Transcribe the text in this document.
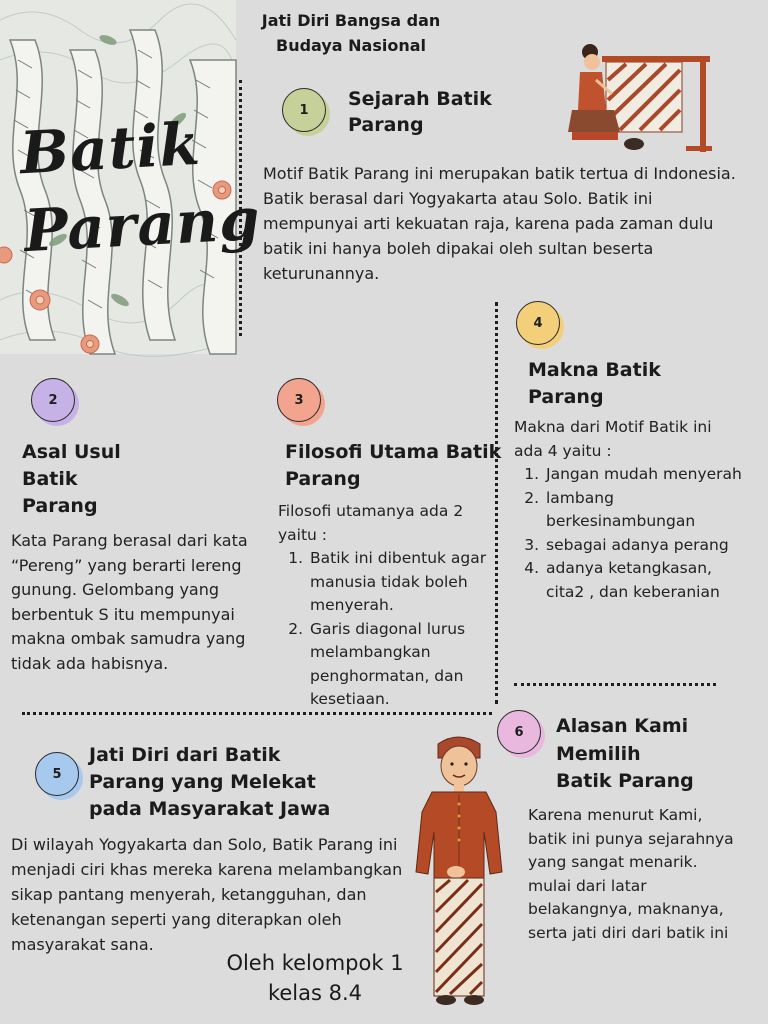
Batik
Parang
Jati Diri Bangsa dan
Budaya Nasional
1	Sejarah Batik
Parang
Motif Batik Parang ini merupakan batik tertua di Indonesia. Batik berasal dari Yogyakarta atau Solo. Batik ini mempunyai arti kekuatan raja, karena pada zaman dulu batik ini hanya boleh dipakai oleh sultan beserta keturunannya.
4
Makna Batik
Parang
Makna dari Motif Batik ini ada 4 yaitu :
1. Jangan mudah menyerah
2. lambang berkesinambungan
3. sebagai adanya perang
4. adanya ketangkasan, cita2 , dan keberanian
2
Asal Usul
Batik
Parang
Kata Parang berasal dari kata “Pereng” yang berarti lereng gunung. Gelombang yang berbentuk S itu mempunyai makna ombak samudra yang tidak ada habisnya.
3
Filosofi Utama Batik
Parang
Filosofi utamanya ada 2 yaitu :
1. Batik ini dibentuk agar manusia tidak boleh menyerah.
2. Garis diagonal lurus melambangkan penghormatan, dan kesetiaan.
6	Alasan Kami
Memilih
Batik Parang
Karena menurut Kami, batik ini punya sejarahnya yang sangat menarik. mulai dari latar belakangnya, maknanya, serta jati diri dari batik ini
5
Jati Diri dari Batik
Parang yang Melekat
pada Masyarakat Jawa
Di wilayah Yogyakarta dan Solo, Batik Parang ini menjadi ciri khas mereka karena melambangkan sikap pantang menyerah, ketangguhan, dan ketenangan seperti yang diterapkan oleh masyarakat sana.
Oleh kelompok 1
kelas 8.4
